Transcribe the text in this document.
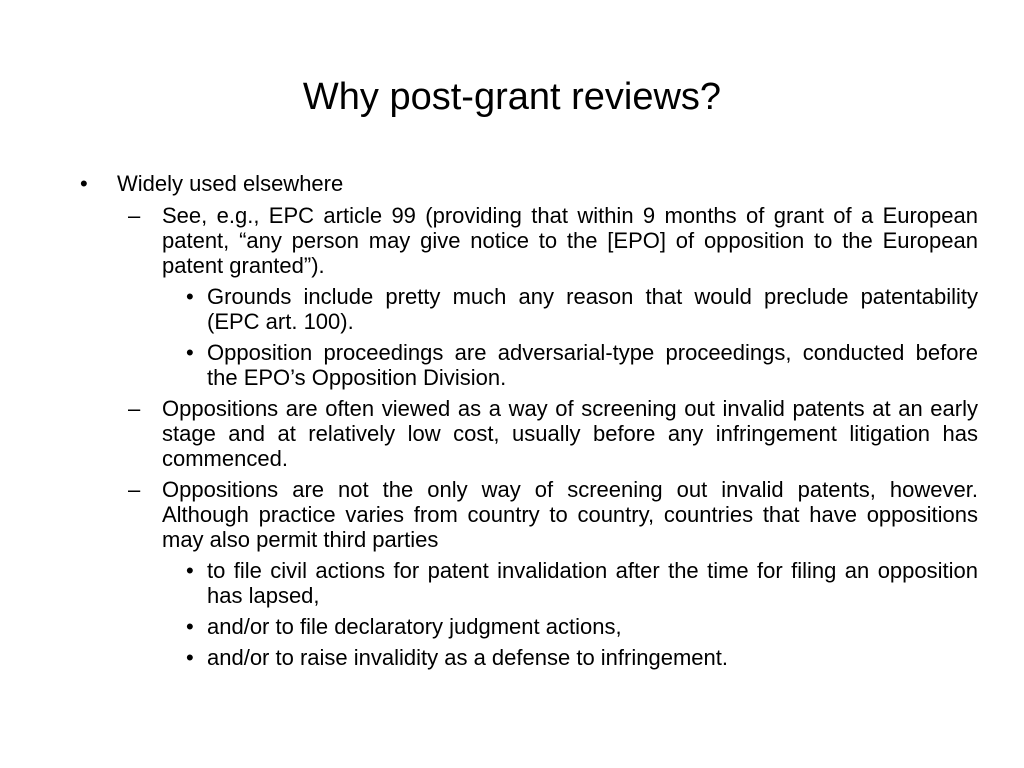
Why post-grant reviews?
• Widely used elsewhere
– See, e.g., EPC article 99 (providing that within 9 months of grant of a European patent, “any person may give notice to the [EPO] of opposition to the European patent granted”).
• Grounds include pretty much any reason that would preclude patentability (EPC art. 100).
• Opposition proceedings are adversarial-type proceedings, conducted before the EPO’s Opposition Division.
– Oppositions are often viewed as a way of screening out invalid patents at an early stage and at relatively low cost, usually before any infringement litigation has commenced.
– Oppositions are not the only way of screening out invalid patents, however. Although practice varies from country to country, countries that have oppositions may also permit third parties
• to file civil actions for patent invalidation after the time for filing an opposition has lapsed,
• and/or to file declaratory judgment actions,
• and/or to raise invalidity as a defense to infringement.
